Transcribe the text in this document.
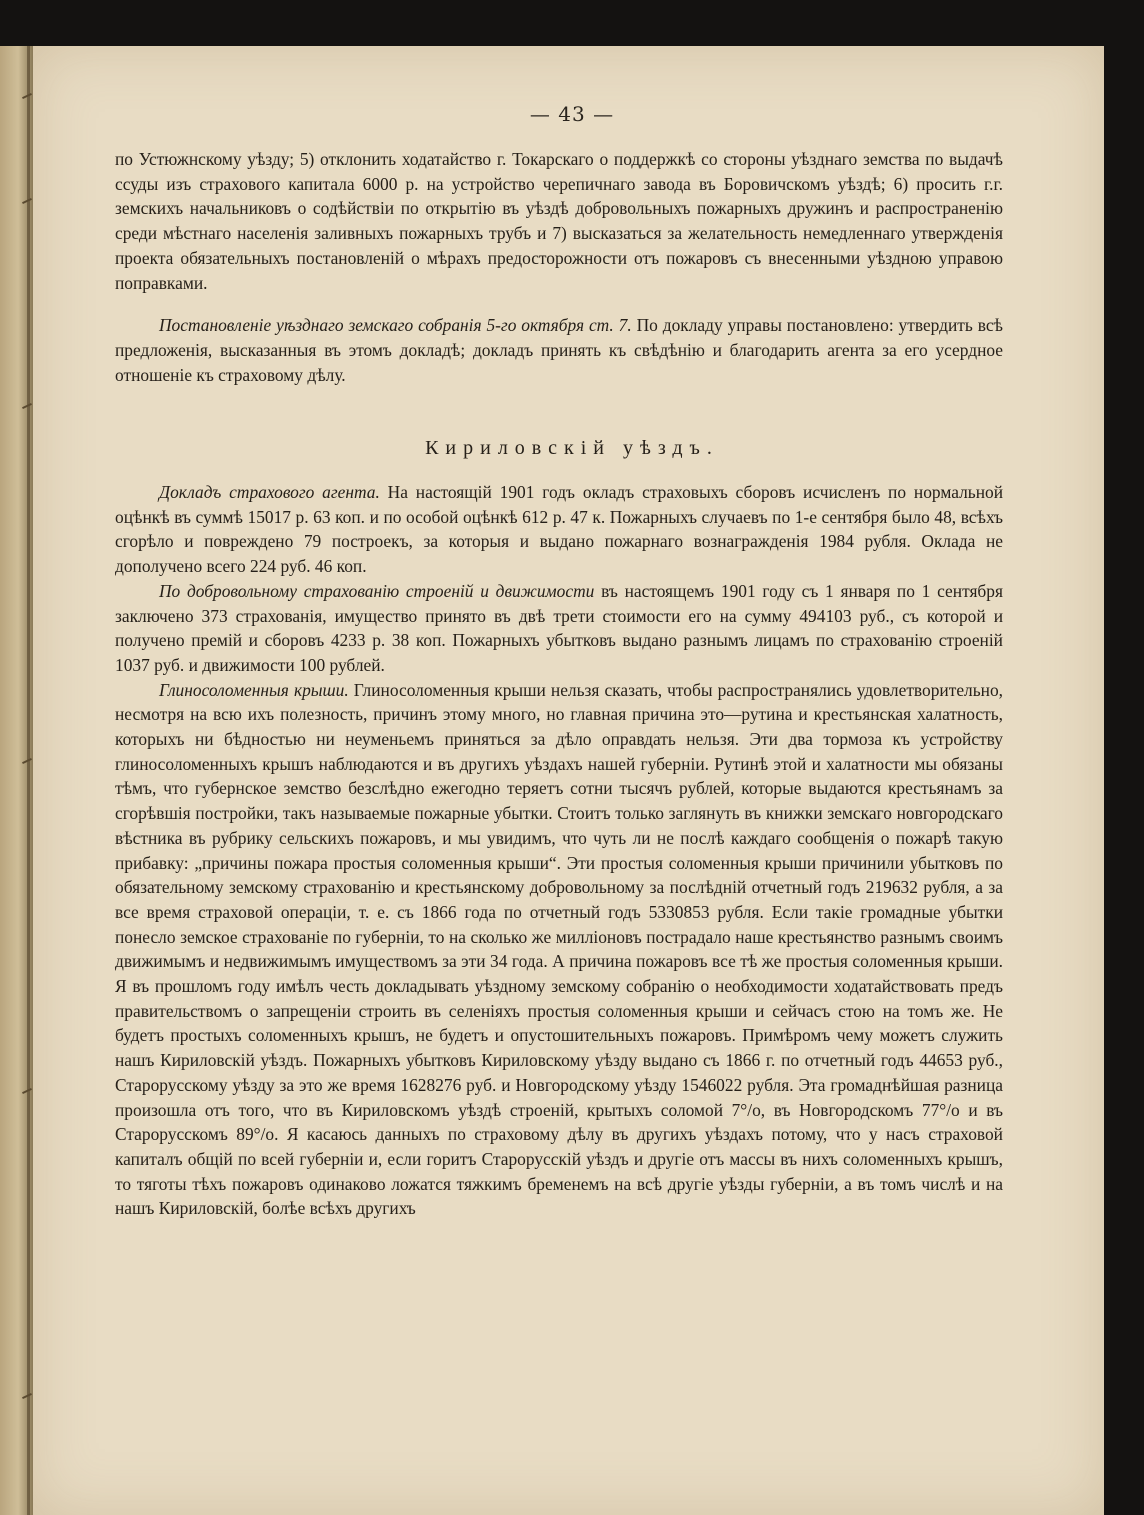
— 43 —

по Устюжнскому уѣзду; 5) отклонить ходатайство г. Токарскаго о поддержкѣ со стороны уѣзднаго земства по выдачѣ ссуды изъ страхового капитала 6000 р. на устройство черепичнаго завода въ Боровичскомъ уѣздѣ; 6) просить г.г. земскихъ начальниковъ о содѣйствіи по открытію въ уѣздѣ добровольныхъ пожарныхъ дружинъ и распространенію среди мѣстнаго населенія заливныхъ пожарныхъ трубъ и 7) высказаться за желательность немедленнаго утвержденія проекта обязательныхъ постановленій о мѣрахъ предосторожности отъ пожаровъ съ внесенными уѣздною управою поправками.

Постановленіе уѣзднаго земскаго собранія 5-го октября ст. 7. По докладу управы постановлено: утвердить всѣ предложенія, высказанныя въ этомъ докладѣ; докладъ принять къ свѣдѣнію и благодарить агента за его усердное отношеніе къ страховому дѣлу.

Кириловскій уѣздъ.

Докладъ страхового агента. На настоящій 1901 годъ окладъ страховыхъ сборовъ исчисленъ по нормальной оцѣнкѣ въ суммѣ 15017 р. 63 коп. и по особой оцѣнкѣ 612 р. 47 к. Пожарныхъ случаевъ по 1-е сентября было 48, всѣхъ сгорѣло и повреждено 79 построекъ, за которыя и выдано пожарнаго вознагражденія 1984 рубля. Оклада не дополучено всего 224 руб. 46 коп.

По добровольному страхованію строеній и движимости въ настоящемъ 1901 году съ 1 января по 1 сентября заключено 373 страхованія, имущество принято въ двѣ трети стоимости его на сумму 494103 руб., съ которой и получено премій и сборовъ 4233 р. 38 коп. Пожарныхъ убытковъ выдано разнымъ лицамъ по страхованію строеній 1037 руб. и движимости 100 рублей.

Глиносоломенныя крыши. Глиносоломенныя крыши нельзя сказать, чтобы распространялись удовлетворительно, несмотря на всю ихъ полезность, причинъ этому много, но главная причина это—рутина и крестьянская халатность, которыхъ ни бѣдностью ни неуменьемъ приняться за дѣло оправдать нельзя. Эти два тормоза къ устройству глиносоломенныхъ крышъ наблюдаются и въ другихъ уѣздахъ нашей губерніи. Рутинѣ этой и халатности мы обязаны тѣмъ, что губернское земство безслѣдно ежегодно теряетъ сотни тысячъ рублей, которые выдаются крестьянамъ за сгорѣвшія постройки, такъ называемые пожарные убытки. Стоитъ только заглянуть въ книжки земскаго новгородскаго вѣстника въ рубрику сельскихъ пожаровъ, и мы увидимъ, что чуть ли не послѣ каждаго сообщенія о пожарѣ такую прибавку: „причины пожара простыя соломенныя крыши“. Эти простыя соломенныя крыши причинили убытковъ по обязательному земскому страхованію и крестьянскому добровольному за послѣдній отчетный годъ 219632 рубля, а за все время страховой операціи, т. е. съ 1866 года по отчетный годъ 5330853 рубля. Если такіе громадные убытки понесло земское страхованіе по губерніи, то на сколько же милліоновъ пострадало наше крестьянство разнымъ своимъ движимымъ и недвижимымъ имуществомъ за эти 34 года. А причина пожаровъ все тѣ же простыя соломенныя крыши. Я въ прошломъ году имѣлъ честь докладывать уѣздному земскому собранію о необходимости ходатайствовать предъ правительствомъ о запрещеніи строить въ селеніяхъ простыя соломенныя крыши и сейчасъ стою на томъ же. Не будетъ простыхъ соломенныхъ крышъ, не будетъ и опустошительныхъ пожаровъ. Примѣромъ чему можетъ служить нашъ Кириловскій уѣздъ. Пожарныхъ убытковъ Кириловскому уѣзду выдано съ 1866 г. по отчетный годъ 44653 руб., Старорусскому уѣзду за это же время 1628276 руб. и Новгородскому уѣзду 1546022 рубля. Эта громаднѣйшая разница произошла отъ того, что въ Кириловскомъ уѣздѣ строеній, крытыхъ соломой 7°/o, въ Новгородскомъ 77°/o и въ Старорусскомъ 89°/o. Я касаюсь данныхъ по страховому дѣлу въ другихъ уѣздахъ потому, что у насъ страховой капиталъ общій по всей губерніи и, если горитъ Старорусскій уѣздъ и другіе отъ массы въ нихъ соломенныхъ крышъ, то тяготы тѣхъ пожаровъ одинаково ложатся тяжкимъ бременемъ на всѣ другіе уѣзды губерніи, а въ томъ числѣ и на нашъ Кириловскій, болѣе всѣхъ другихъ
